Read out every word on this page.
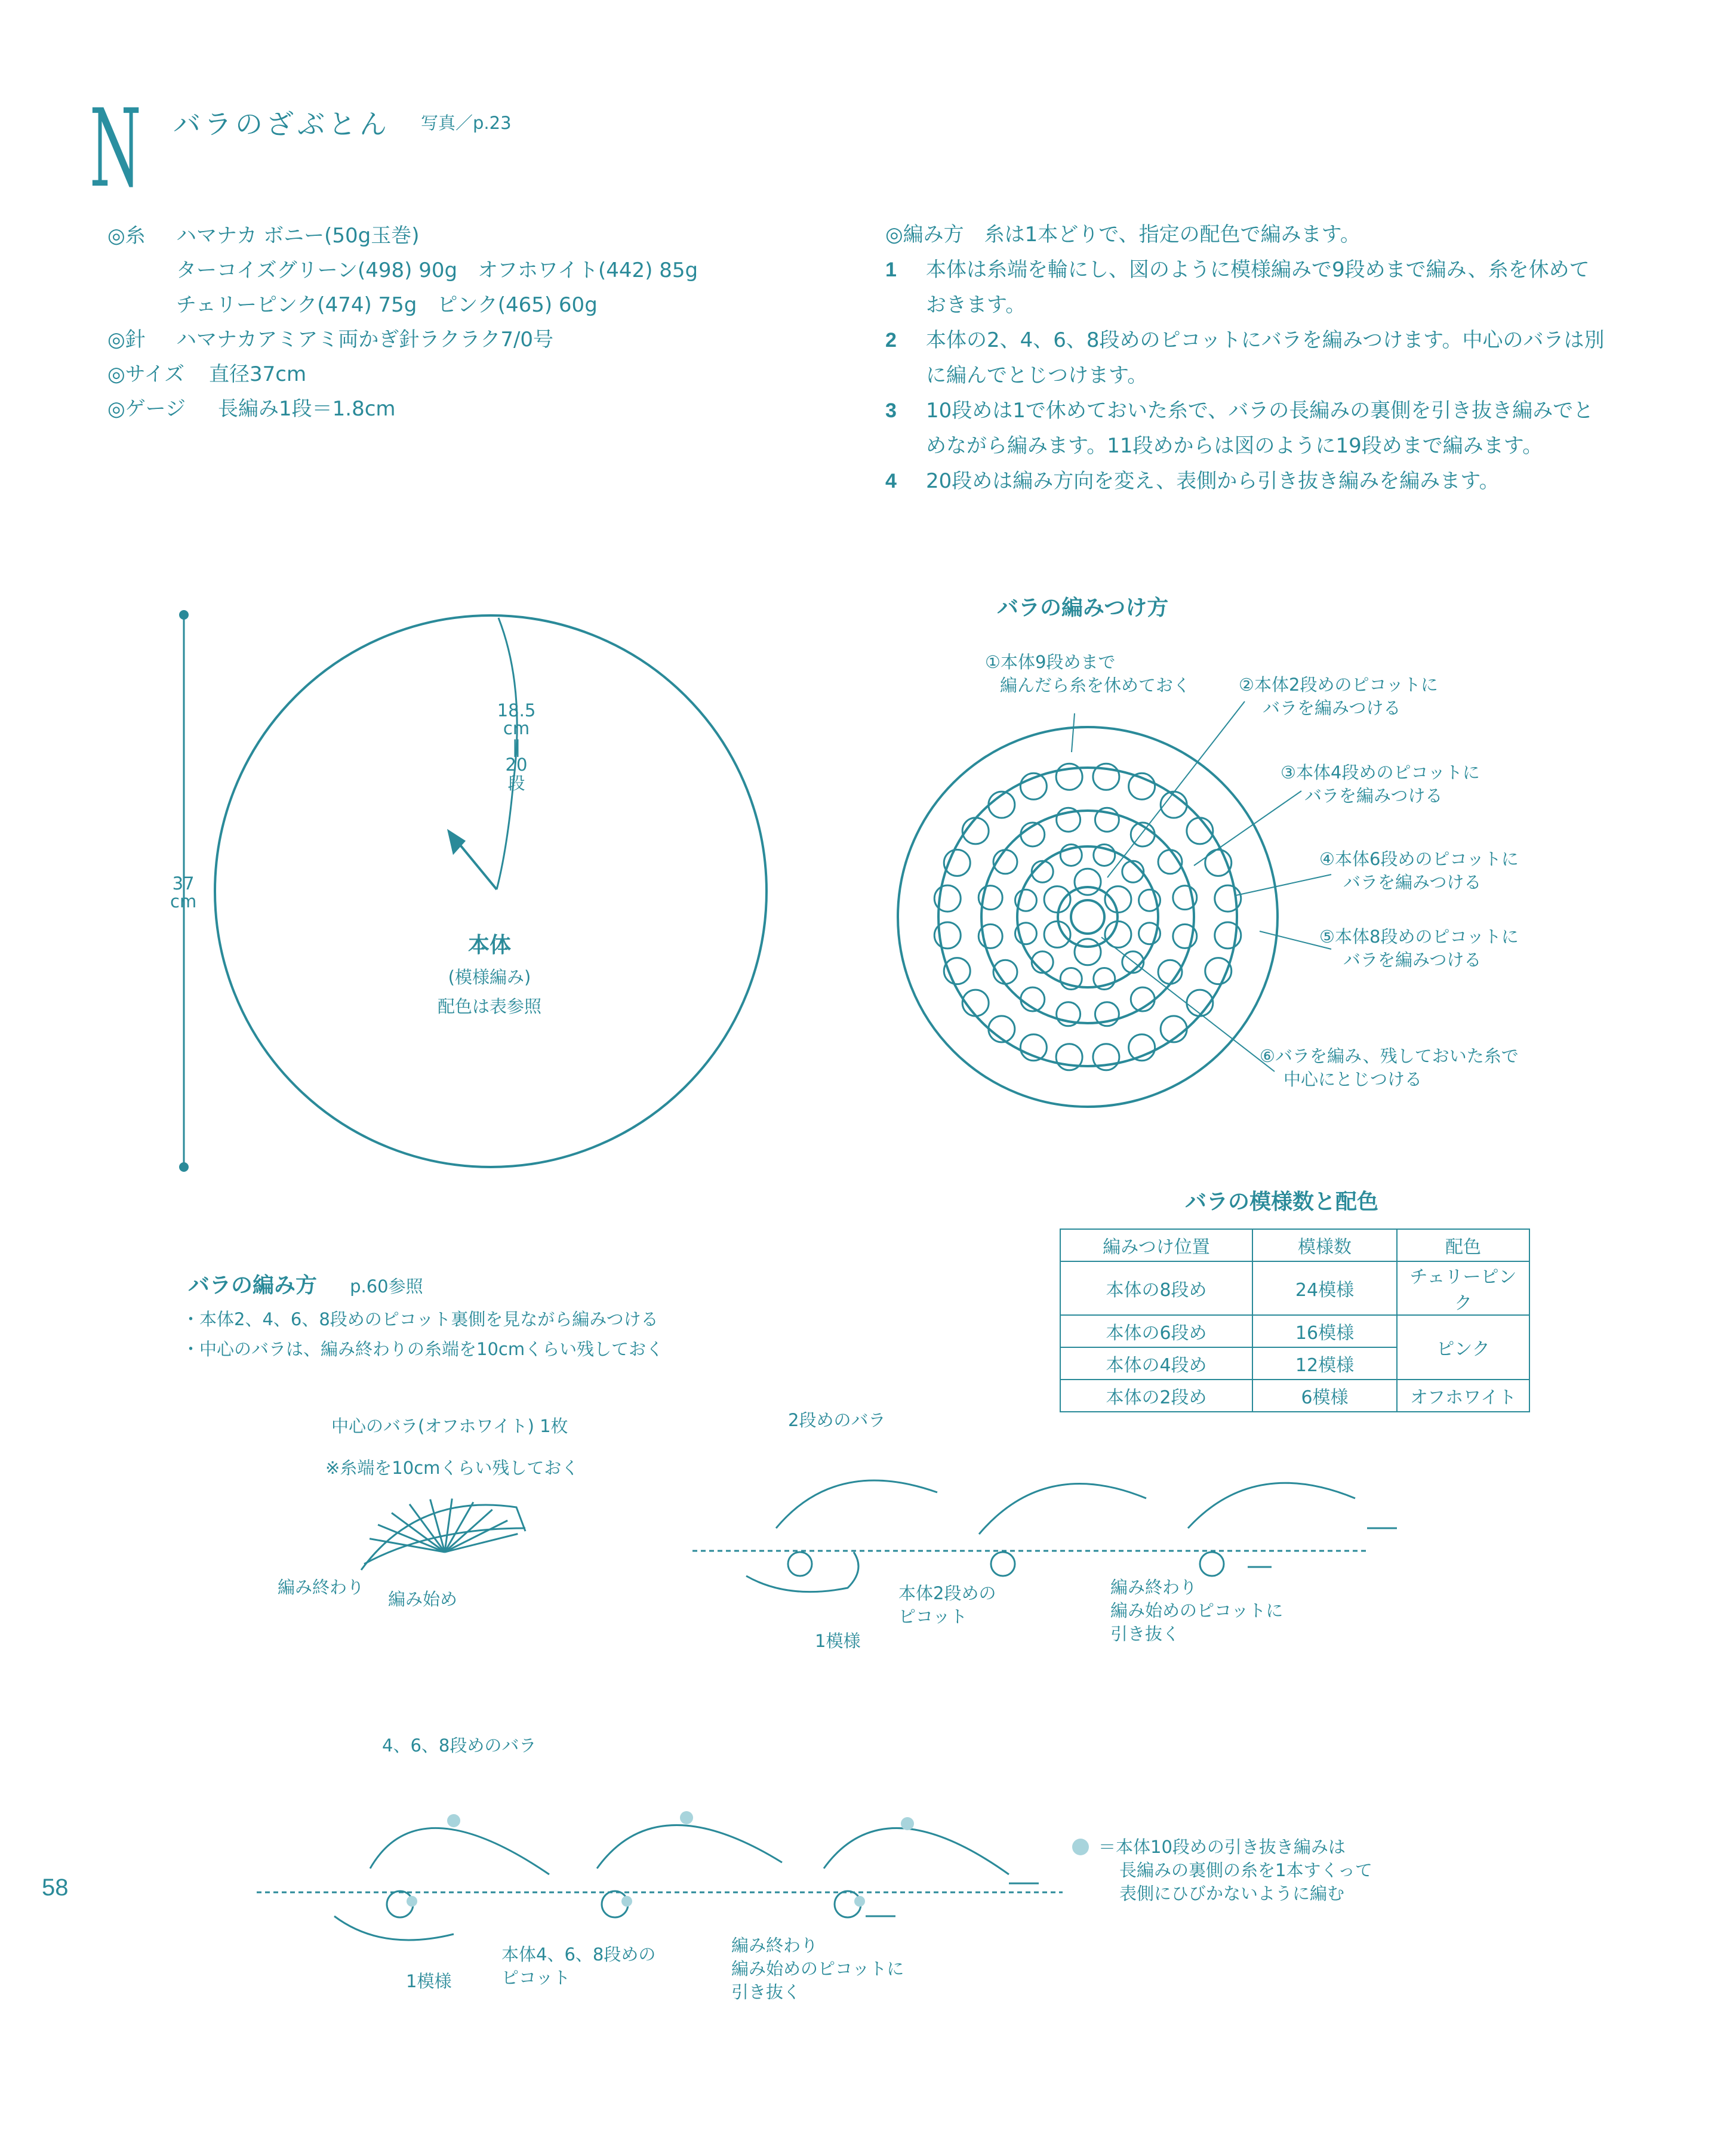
N バラのざぶとん 写真／p.23
◎糸	ハマナカ ボニー(50g玉巻)
ターコイズグリーン(498) 90g　オフホワイト(442) 85g
チェリーピンク(474) 75g　ピンク(465) 60g
◎針	ハマナカアミアミ両かぎ針ラクラク7/0号
◎サイズ	直径37cm
◎ゲージ	長編み1段＝1.8cm
◎編み方　糸は1本どりで、指定の配色で編みます。
1	本体は糸端を輪にし、図のように模様編みで9段めまで編み、糸を休めておきます。
2	本体の2、4、6、8段めのピコットにバラを編みつけます。中心のバラは別に編んでとじつけます。
3	10段めは1で休めておいた糸で、バラの長編みの裏側を引き抜き編みでとめながら編みます。11段めからは図のように19段めまで編みます。
4	20段めは編み方向を変え、表側から引き抜き編みを編みます。
37
cm
18.5
cm
‖
20
段
本体
(模様編み)
配色は表参照
バラの編みつけ方
①本体9段めまで
編んだら糸を休めておく	②本体2段めのピコットに
バラを編みつける
③本体4段めのピコットに
バラを編みつける
④本体6段めのピコットに
バラを編みつける
⑤本体8段めのピコットに
バラを編みつける
⑥バラを編み、残しておいた糸で
中心にとじつける
バラの模様数と配色
編みつけ位置	模様数	配色
本体の8段め	24模様	チェリーピンク
本体の6段め	16模様	ピンク
本体の4段め	12模様	
本体の2段め	6模様	オフホワイト
バラの編み方 p.60参照
・本体2、4、6、8段めのピコット裏側を見ながら編みつける
・中心のバラは、編み終わりの糸端を10cmくらい残しておく
中心のバラ(オフホワイト) 1枚
※糸端を10cmくらい残しておく
編み終わり
編み始め
2段めのバラ
本体2段めの
ピコット
1模様
編み終わり
編み始めのピコットに
引き抜く
4、6、8段めのバラ
本体4、6、8段めの
ピコット
1模様
編み終わり
編み始めのピコットに
引き抜く
＝本体10段めの引き抜き編みは
長編みの裏側の糸を1本すくって
表側にひびかないように編む
58
